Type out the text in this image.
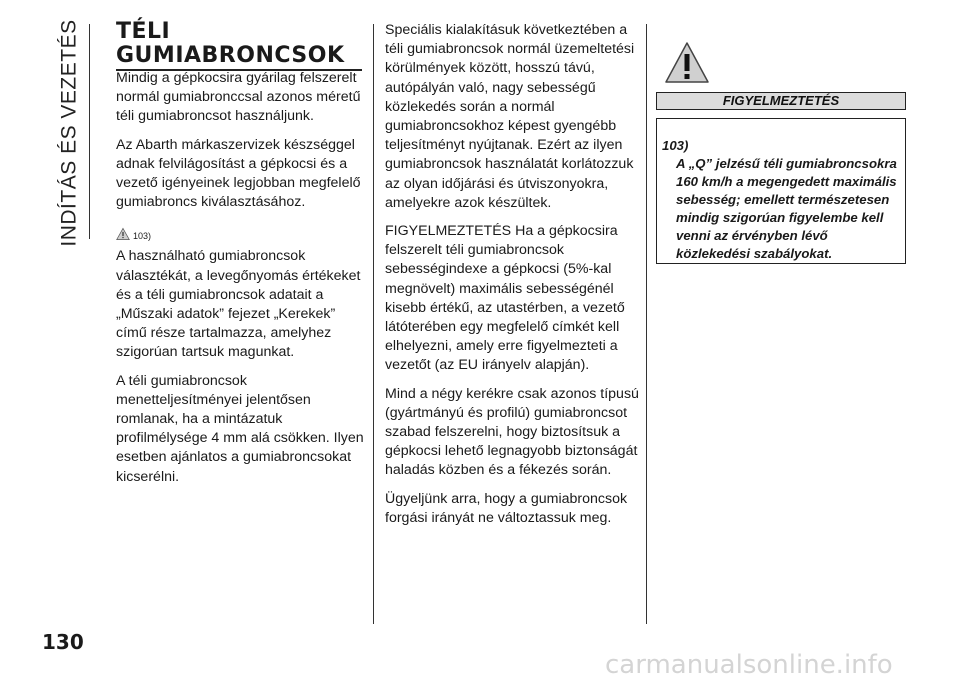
INDÍTÁS ÉS VEZETÉS TÉLI GUMIABRONCSOK

Mindig a gépkocsira gyárilag felszerelt normál gumiabronccsal azonos méretű téli gumiabroncsot használjunk.

Az Abarth márkaszervizek készséggel adnak felvilágosítást a gépkocsi és a vezető igényeinek legjobban megfelelő gumiabroncs kiválasztásához.

103)

A használható gumiabroncsok választékát, a levegőnyomás értékeket és a téli gumiabroncsok adatait a „Műszaki adatok” fejezet „Kerekek” című része tartalmazza, amelyhez szigorúan tartsuk magunkat.

A téli gumiabroncsok menetteljesítményei jelentősen romlanak, ha a mintázatuk profilmélysége 4 mm alá csökken. Ilyen esetben ajánlatos a gumiabroncsokat kicserélni.

Speciális kialakításuk következtében a téli gumiabroncsok normál üzemeltetési körülmények között, hosszú távú, autópályán való, nagy sebességű közlekedés során a normál gumiabroncsokhoz képest gyengébb teljesítményt nyújtanak. Ezért az ilyen gumiabroncsok használatát korlátozzuk az olyan időjárási és útviszonyokra, amelyekre azok készültek.

FIGYELMEZTETÉS Ha a gépkocsira felszerelt téli gumiabroncsok sebességindexe a gépkocsi (5%-kal megnövelt) maximális sebességénél kisebb értékű, az utastérben, a vezető látóterében egy megfelelő címkét kell elhelyezni, amely erre figyelmezteti a vezetőt (az EU irányelv alapján).

Mind a négy kerékre csak azonos típusú (gyártmányú és profilú) gumiabroncsot szabad felszerelni, hogy biztosítsuk a gépkocsi lehető legnagyobb biztonságát haladás közben és a fékezés során.

Ügyeljünk arra, hogy a gumiabroncsok forgási irányát ne változtassuk meg.

FIGYELMEZTETÉS
103)
A „Q” jelzésű téli gumiabroncsokra 160 km/h a megengedett maximális sebesség; emellett természetesen mindig szigorúan figyelembe kell venni az érvényben lévő közlekedési szabályokat.
130
carmanualsonline.info
